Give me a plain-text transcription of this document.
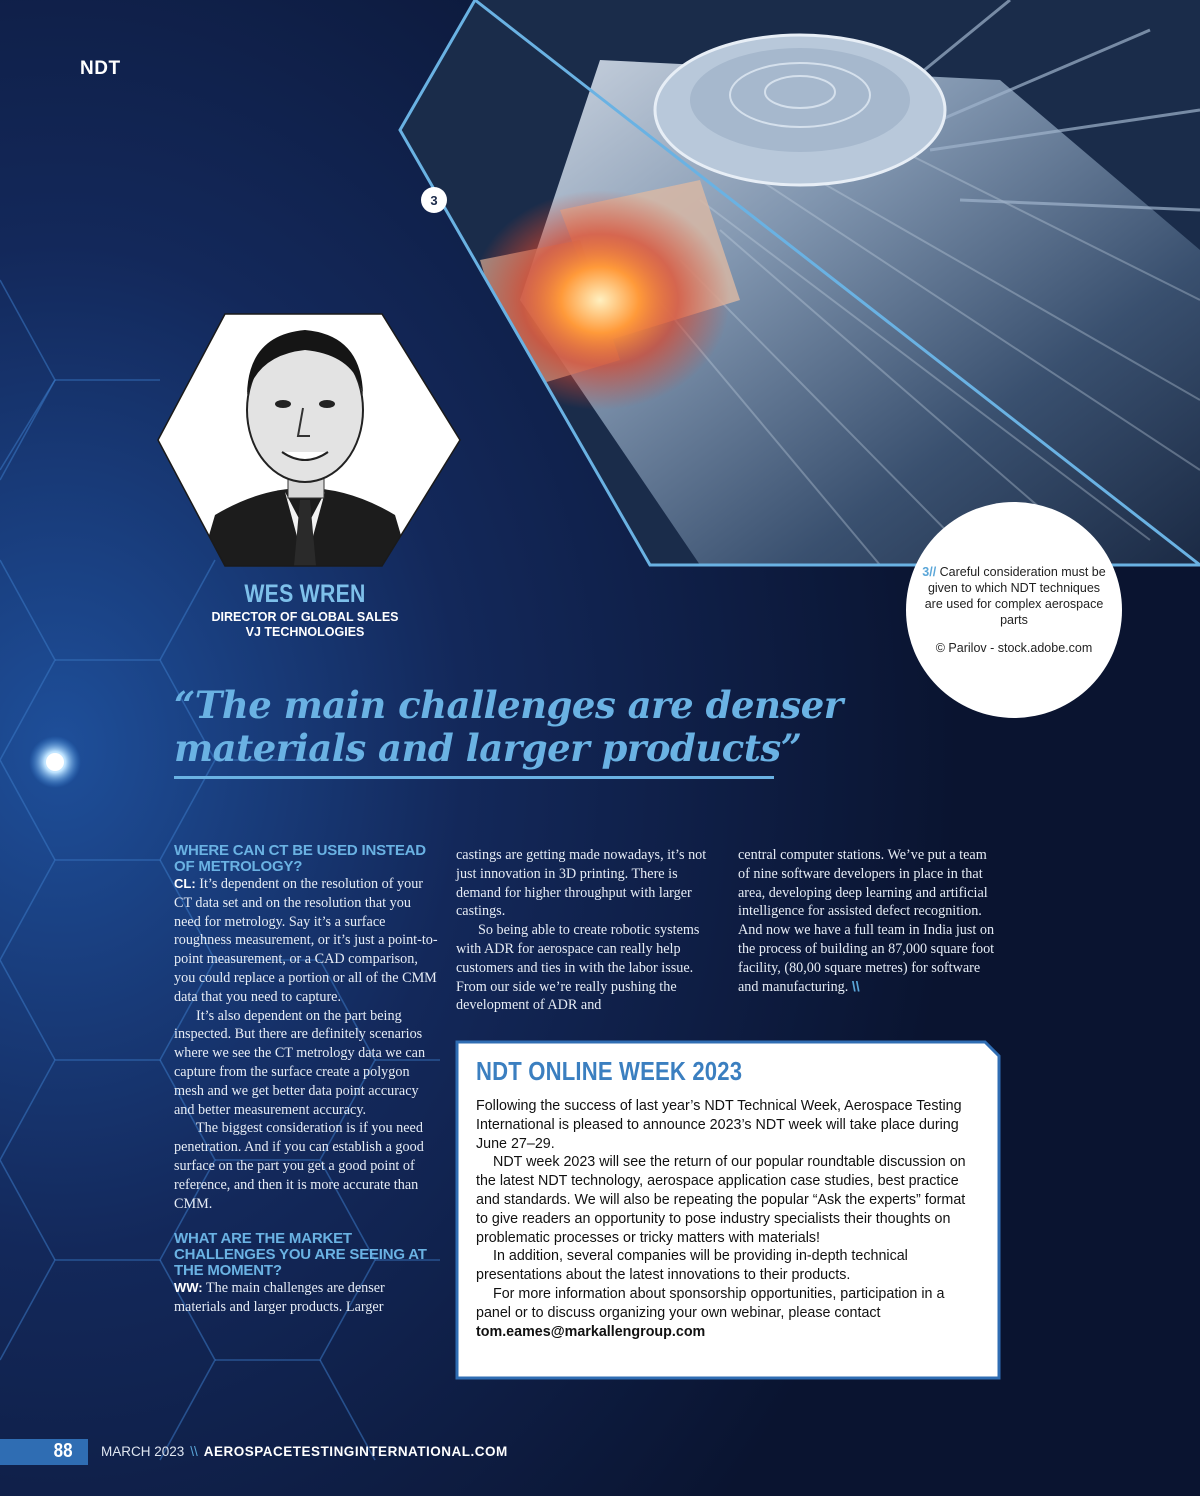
NDT
3
3// Careful consideration must be given to which NDT techniques are used for complex aerospace parts
© Parilov - stock.adobe.com
WES WREN
DIRECTOR OF GLOBAL SALES
VJ TECHNOLOGIES
“The main challenges are denser materials and larger products”

WHERE CAN CT BE USED INSTEAD OF METROLOGY?

CL: It’s dependent on the resolution of your CT data set and on the resolution that you need for metrology. Say it’s a surface roughness measurement, or it’s just a point-to-point measurement, or a CAD comparison, you could replace a portion or all of the CMM data that you need to capture.

It’s also dependent on the part being inspected. But there are definitely scenarios where we see the CT metrology data we can capture from the surface create a polygon mesh and we get better data point accuracy and better measurement accuracy.

The biggest consideration is if you need penetration. And if you can establish a good surface on the part you get a good point of reference, and then it is more accurate than CMM.

WHAT ARE THE MARKET CHALLENGES YOU ARE SEEING AT THE MOMENT?

WW: The main challenges are denser materials and larger products. Larger

castings are getting made nowadays, it’s not just innovation in 3D printing. There is demand for higher throughput with larger castings.

So being able to create robotic systems with ADR for aerospace can really help customers and ties in with the labor issue. From our side we’re really pushing the development of ADR and

central computer stations. We’ve put a team of nine software developers in place in that area, developing deep learning and artificial intelligence for assisted defect recognition. And now we have a full team in India just on the process of building an 87,000 square foot facility, (80,00 square metres) for software and manufacturing. \\

NDT ONLINE WEEK 2023

Following the success of last year’s NDT Technical Week, Aerospace Testing International is pleased to announce 2023’s NDT week will take place during June 27–29.

NDT week 2023 will see the return of our popular roundtable discussion on the latest NDT technology, aerospace application case studies, best practice and standards. We will also be repeating the popular “Ask the experts” format to give readers an opportunity to pose industry specialists their thoughts on problematic processes or tricky matters with materials!

In addition, several companies will be providing in-depth technical presentations about the latest innovations to their products.

For more information about sponsorship opportunities, participation in a panel or to discuss organizing your own webinar, please contact

tom.eames@markallengroup.com

88 MARCH 2023 \\ AEROSPACETESTINGINTERNATIONAL.COM
